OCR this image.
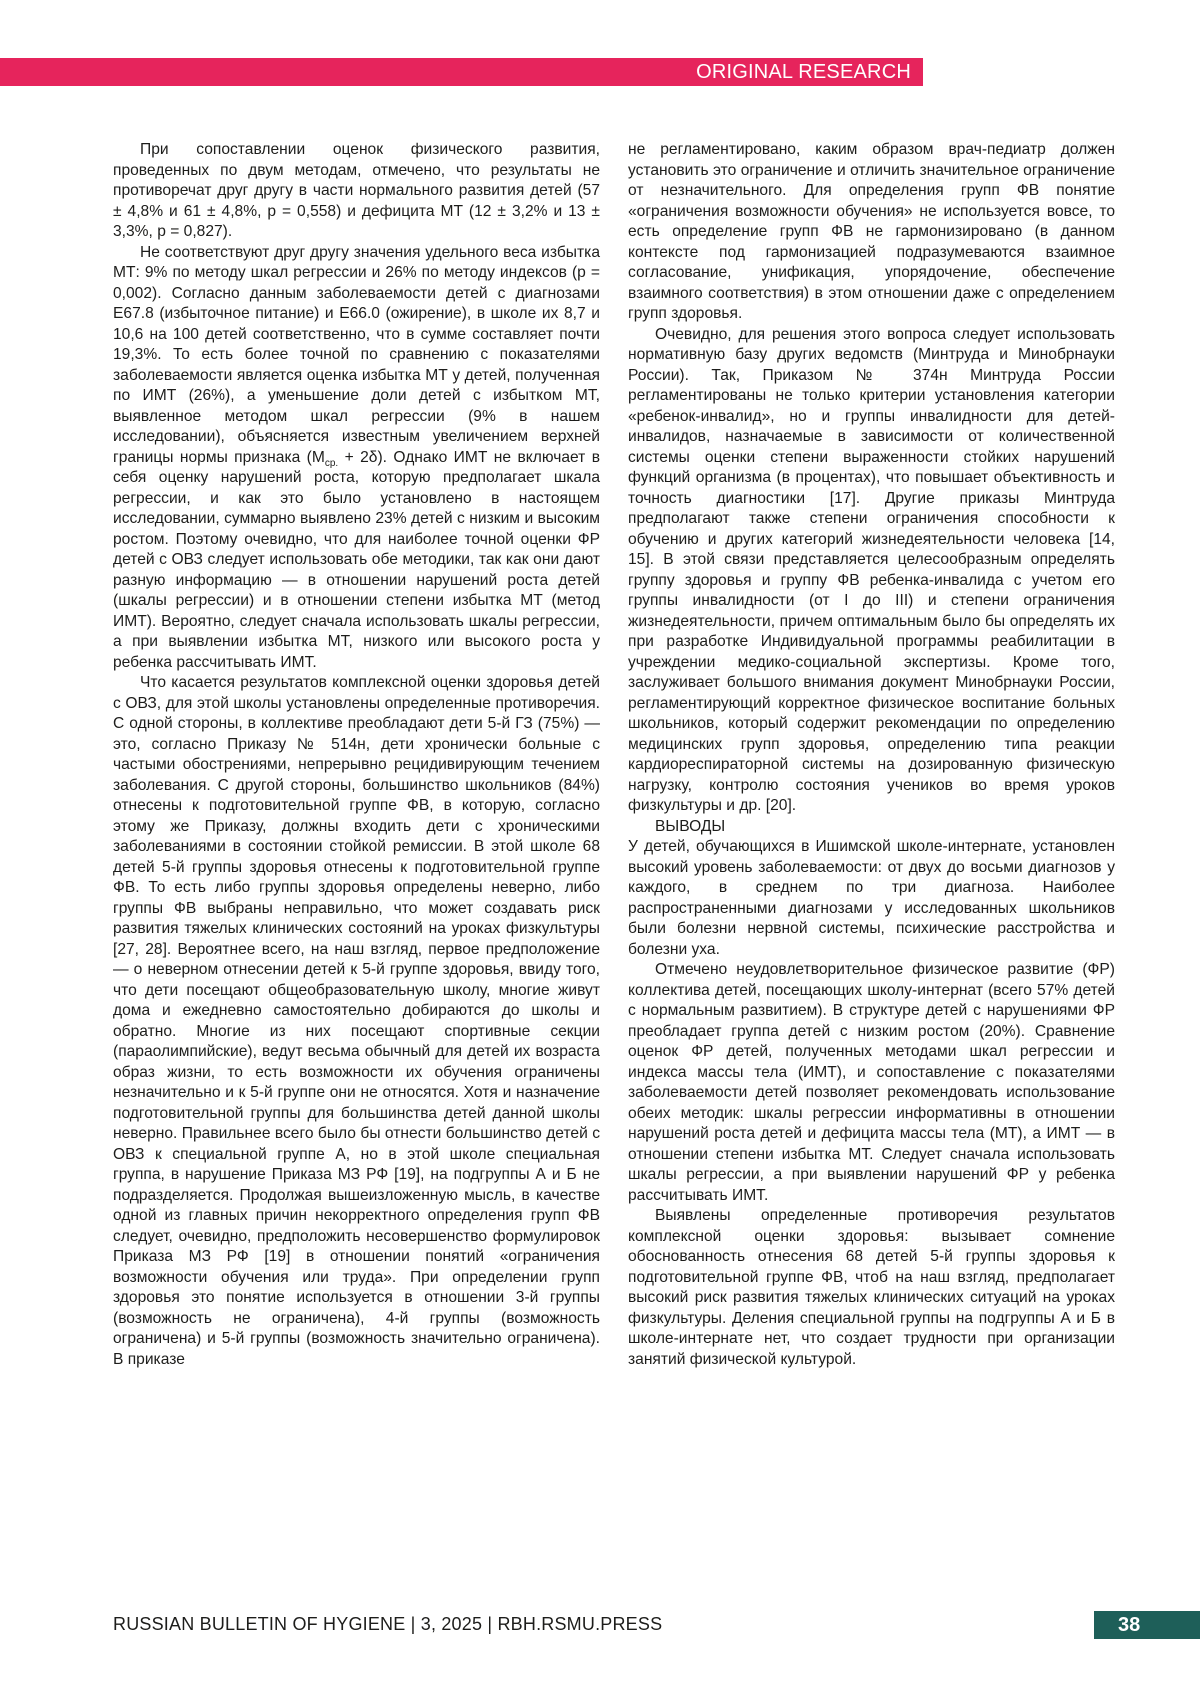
ORIGINAL RESEARCH

При сопоставлении оценок физического развития, проведенных по двум методам, отмечено, что результаты не противоречат друг другу в части нормального развития детей (57 ± 4,8% и 61 ± 4,8%, p = 0,558) и дефицита МТ (12 ± 3,2% и 13 ± 3,3%, p = 0,827).

Не соответствуют друг другу значения удельного веса избытка МТ: 9% по методу шкал регрессии и 26% по методу индексов (p = 0,002). Согласно данным заболеваемости детей с диагнозами E67.8 (избыточное питание) и E66.0 (ожирение), в школе их 8,7 и 10,6 на 100 детей соответственно, что в сумме составляет почти 19,3%. То есть более точной по сравнению с показателями заболеваемости является оценка избытка МТ у детей, полученная по ИМТ (26%), а уменьшение доли детей с избытком МТ, выявленное методом шкал регрессии (9% в нашем исследовании), объясняется известным увеличением верхней границы нормы признака $(M_{ср.} + 2\delta)$. Однако ИМТ не включает в себя оценку нарушений роста, которую предполагает шкала регрессии, и как это было установлено в настоящем исследовании, суммарно выявлено 23% детей с низким и высоким ростом. Поэтому очевидно, что для наиболее точной оценки ФР детей с ОВЗ следует использовать обе методики, так как они дают разную информацию — в отношении нарушений роста детей (шкалы регрессии) и в отношении степени избытка МТ (метод ИМТ). Вероятно, следует сначала использовать шкалы регрессии, а при выявлении избытка МТ, низкого или высокого роста у ребенка рассчитывать ИМТ.

Что касается результатов комплексной оценки здоровья детей с ОВЗ, для этой школы установлены определенные противоречия. С одной стороны, в коллективе преобладают дети 5-й ГЗ (75%) — это, согласно Приказу № 514н, дети хронически больные с частыми обострениями, непрерывно рецидивирующим течением заболевания. С другой стороны, большинство школьников (84%) отнесены к подготовительной группе ФВ, в которую, согласно этому же Приказу, должны входить дети с хроническими заболеваниями в состоянии стойкой ремиссии. В этой школе 68 детей 5-й группы здоровья отнесены к подготовительной группе ФВ. То есть либо группы здоровья определены неверно, либо группы ФВ выбраны неправильно, что может создавать риск развития тяжелых клинических состояний на уроках физкультуры [27, 28]. Вероятнее всего, на наш взгляд, первое предположение — о неверном отнесении детей к 5-й группе здоровья, ввиду того, что дети посещают общеобразовательную школу, многие живут дома и ежедневно самостоятельно добираются до школы и обратно. Многие из них посещают спортивные секции (параолимпийские), ведут весьма обычный для детей их возраста образ жизни, то есть возможности их обучения ограничены незначительно и к 5-й группе они не относятся. Хотя и назначение подготовительной группы для большинства детей данной школы неверно. Правильнее всего было бы отнести большинство детей с ОВЗ к специальной группе А, но в этой школе специальная группа, в нарушение Приказа МЗ РФ [19], на подгруппы А и Б не подразделяется. Продолжая вышеизложенную мысль, в качестве одной из главных причин некорректного определения групп ФВ следует, очевидно, предположить несовершенство формулировок Приказа МЗ РФ [19] в отношении понятий «ограничения возможности обучения или труда». При определении групп здоровья это понятие используется в отношении 3-й группы (возможность не ограничена), 4-й группы (возможность ограничена) и 5-й группы (возможность значительно ограничена). В приказе

не регламентировано, каким образом врач-педиатр должен установить это ограничение и отличить значительное ограничение от незначительного. Для определения групп ФВ понятие «ограничения возможности обучения» не используется вовсе, то есть определение групп ФВ не гармонизировано (в данном контексте под гармонизацией подразумеваются взаимное согласование, унификация, упорядочение, обеспечение взаимного соответствия) в этом отношении даже с определением групп здоровья.

Очевидно, для решения этого вопроса следует использовать нормативную базу других ведомств (Минтруда и Минобрнауки России). Так, Приказом № 374н Минтруда России регламентированы не только критерии установления категории «ребенок-инвалид», но и группы инвалидности для детей-инвалидов, назначаемые в зависимости от количественной системы оценки степени выраженности стойких нарушений функций организма (в процентах), что повышает объективность и точность диагностики [17]. Другие приказы Минтруда предполагают также степени ограничения способности к обучению и других категорий жизнедеятельности человека [14, 15]. В этой связи представляется целесообразным определять группу здоровья и группу ФВ ребенка-инвалида с учетом его группы инвалидности (от I до III) и степени ограничения жизнедеятельности, причем оптимальным было бы определять их при разработке Индивидуальной программы реабилитации в учреждении медико-социальной экспертизы. Кроме того, заслуживает большого внимания документ Минобрнауки России, регламентирующий корректное физическое воспитание больных школьников, который содержит рекомендации по определению медицинских групп здоровья, определению типа реакции кардиореспираторной системы на дозированную физическую нагрузку, контролю состояния учеников во время уроков физкультуры и др. [20].

ВЫВОДЫ

У детей, обучающихся в Ишимской школе-интернате, установлен высокий уровень заболеваемости: от двух до восьми диагнозов у каждого, в среднем по три диагноза. Наиболее распространенными диагнозами у исследованных школьников были болезни нервной системы, психические расстройства и болезни уха.

Отмечено неудовлетворительное физическое развитие (ФР) коллектива детей, посещающих школу-интернат (всего 57% детей с нормальным развитием). В структуре детей с нарушениями ФР преобладает группа детей с низким ростом (20%). Сравнение оценок ФР детей, полученных методами шкал регрессии и индекса массы тела (ИМТ), и сопоставление с показателями заболеваемости детей позволяет рекомендовать использование обеих методик: шкалы регрессии информативны в отношении нарушений роста детей и дефицита массы тела (МТ), а ИМТ — в отношении степени избытка МТ. Следует сначала использовать шкалы регрессии, а при выявлении нарушений ФР у ребенка рассчитывать ИМТ.

Выявлены определенные противоречия результатов комплексной оценки здоровья: вызывает сомнение обоснованность отнесения 68 детей 5-й группы здоровья к подготовительной группе ФВ, чтоб на наш взгляд, предполагает высокий риск развития тяжелых клинических ситуаций на уроках физкультуры. Деления специальной группы на подгруппы А и Б в школе-интернате нет, что создает трудности при организации занятий физической культурой.

RUSSIAN BULLETIN OF HYGIENE | 3, 2025 | RBH.RSMU.PRESS	38
